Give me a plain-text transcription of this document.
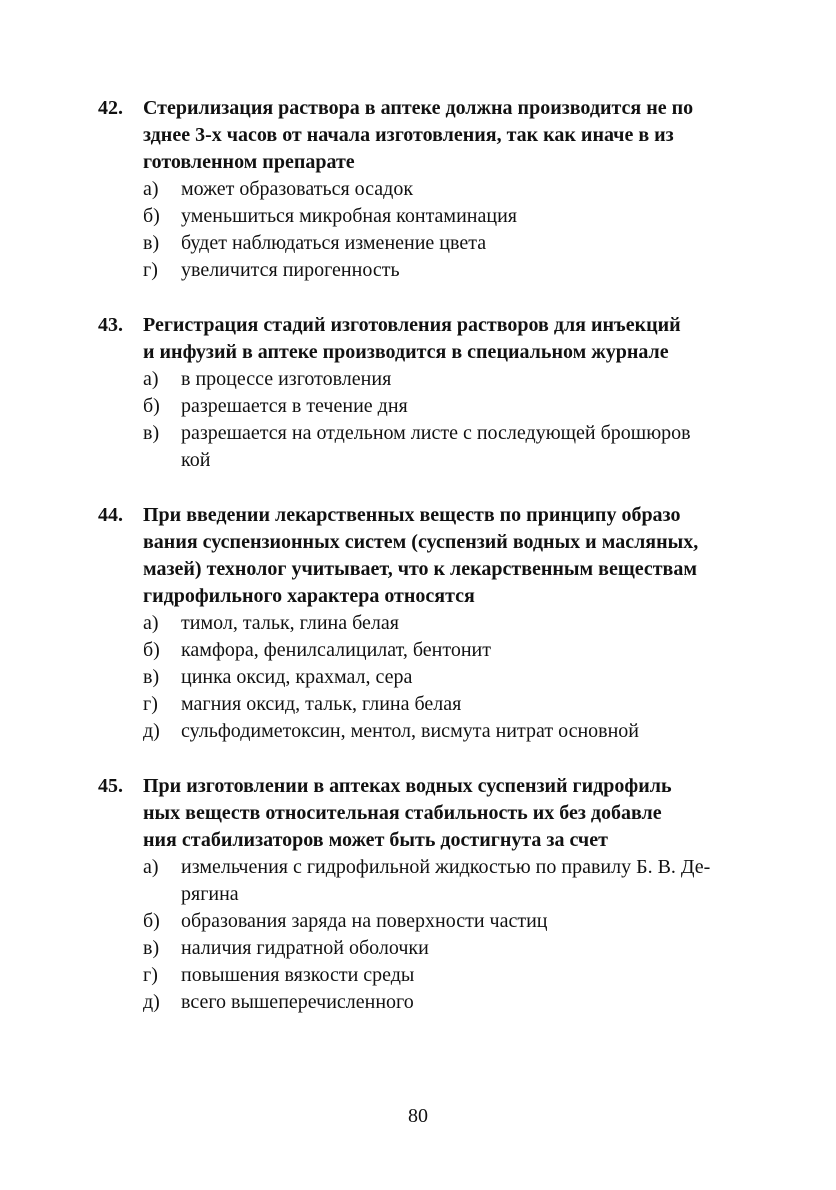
42.	Стерилизация раствора в аптеке должна производится не по
зднее 3-х часов от начала изготовления, так как иначе в из
готовленном препарате
а)	может образоваться осадок
б)	уменьшиться микробная контаминация
в)	будет наблюдаться изменение цвета
г)	увеличится пирогенность
43.	Регистрация стадий изготовления растворов для инъекций
и инфузий в аптеке производится в специальном журнале
а)	в процессе изготовления
б)	разрешается в течение дня
в)	разрешается на отдельном листе с последующей брошюров
кой
44.	При введении лекарственных веществ по принципу образо
вания суспензионных систем (суспензий водных и масляных,
мазей) технолог учитывает, что к лекарственным веществам
гидрофильного характера относятся
а)	тимол, тальк, глина белая
б)	камфора, фенилсалицилат, бентонит
в)	цинка оксид, крахмал, сера
г)	магния оксид, тальк, глина белая
д)	сульфодиметоксин, ментол, висмута нитрат основной
45.	При изготовлении в аптеках водных суспензий гидрофиль
ных веществ относительная стабильность их без добавле
ния стабилизаторов может быть достигнута за счет
а)	измельчения с гидрофильной жидкостью по правилу Б. В. Де-
рягина
б)	образования заряда на поверхности частиц
в)	наличия гидратной оболочки
г)	повышения вязкости среды
д)	всего вышеперечисленного
80
